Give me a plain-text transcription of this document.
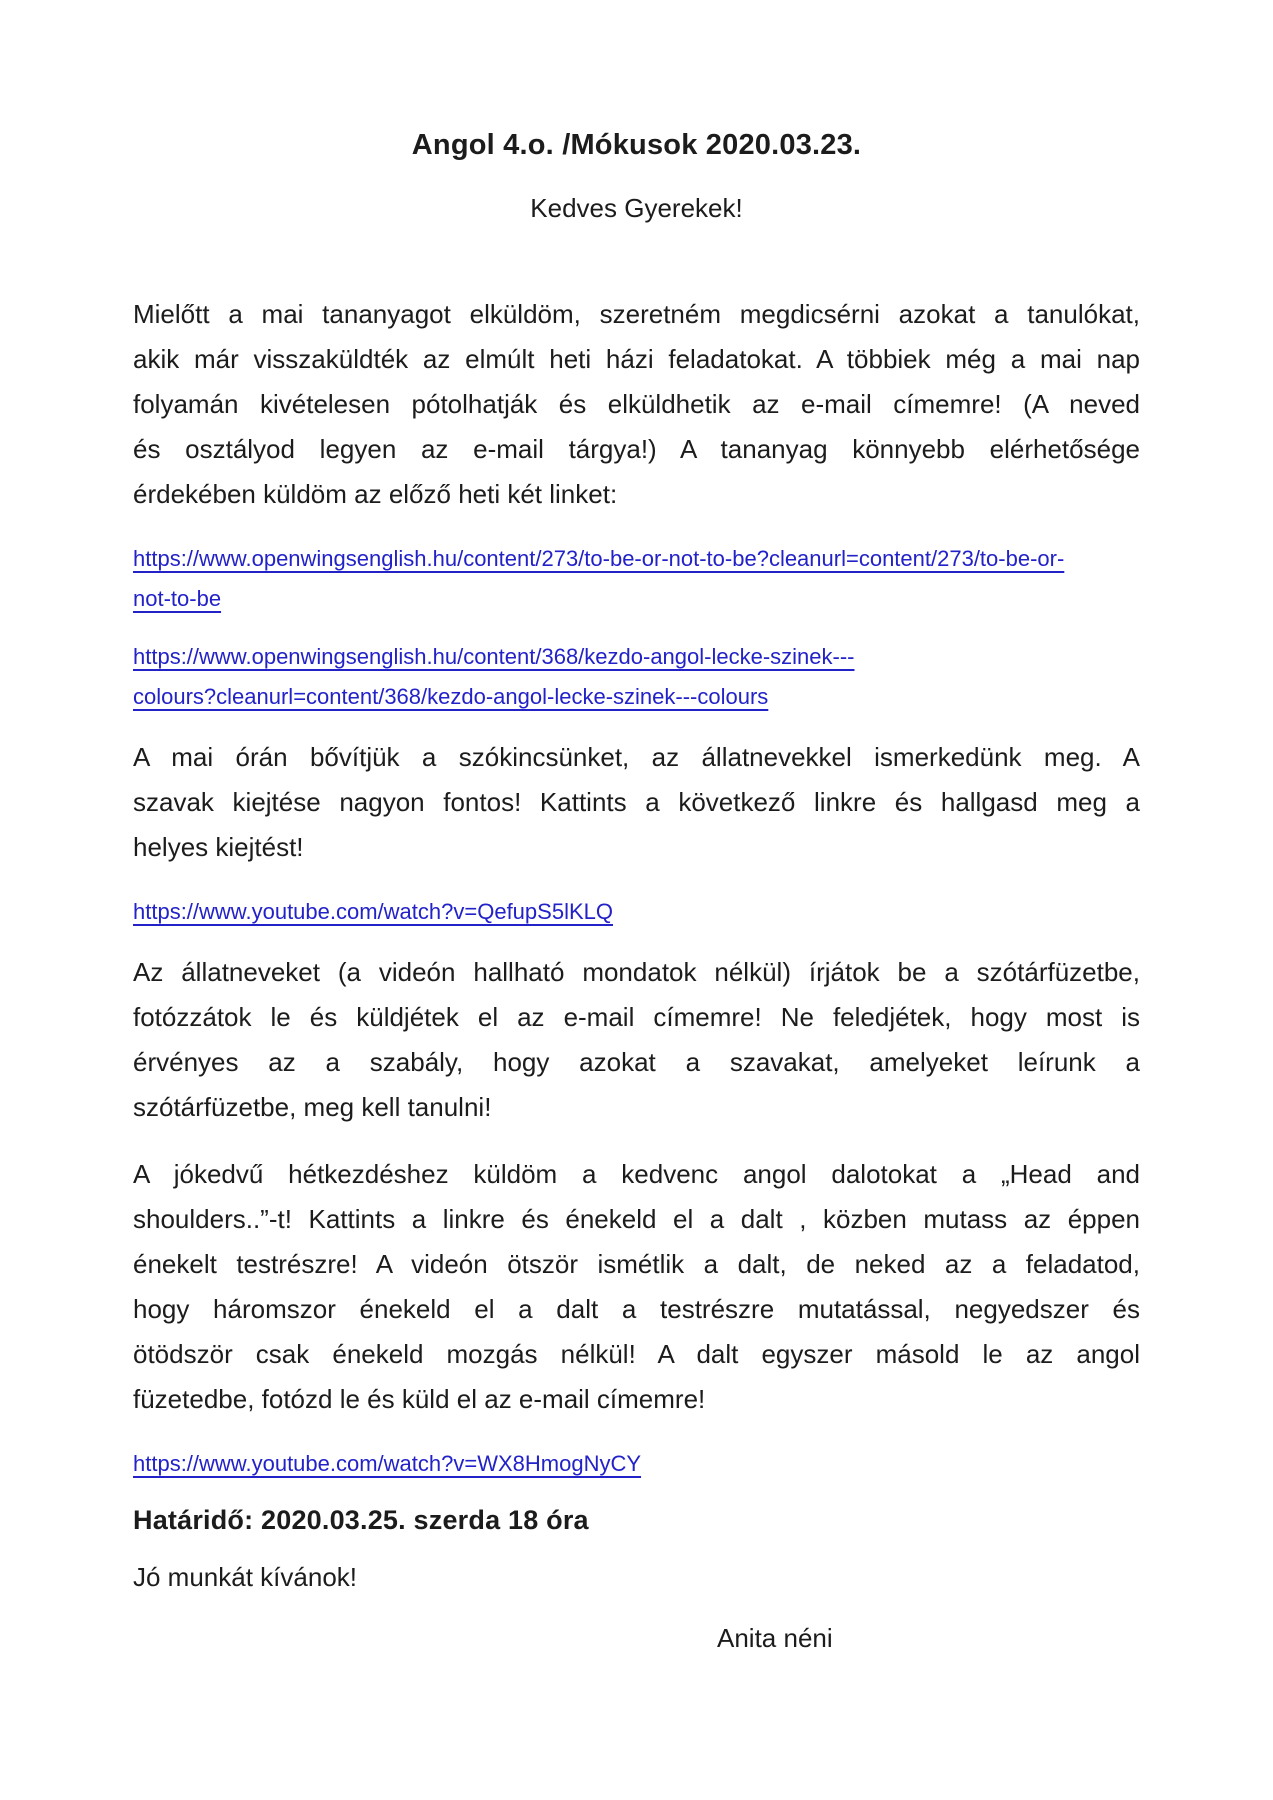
Angol 4.o. /Mókusok 2020.03.23.
Kedves Gyerekek!
Mielőtt a mai tananyagot elküldöm, szeretném megdicsérni azokat a tanulókat,
akik már visszaküldték az elmúlt heti házi feladatokat. A többiek még a mai nap
folyamán kivételesen pótolhatják és elküldhetik az e-mail címemre! (A neved
és osztályod legyen az e-mail tárgya!) A tananyag könnyebb elérhetősége
érdekében küldöm az előző heti két linket:
https://www.openwingsenglish.hu/content/273/to-be-or-not-to-be?cleanurl=content/273/to-be-or-
not-to-be
https://www.openwingsenglish.hu/content/368/kezdo-angol-lecke-szinek---
colours?cleanurl=content/368/kezdo-angol-lecke-szinek---colours
A mai órán bővítjük a szókincsünket, az állatnevekkel ismerkedünk meg. A
szavak kiejtése nagyon fontos! Kattints a következő linkre és hallgasd meg a
helyes kiejtést!
https://www.youtube.com/watch?v=QefupS5lKLQ
Az állatneveket (a videón hallható mondatok nélkül) írjátok be a szótárfüzetbe,
fotózzátok le és küldjétek el az e-mail címemre! Ne feledjétek, hogy most is
érvényes az a szabály, hogy azokat a szavakat, amelyeket leírunk a
szótárfüzetbe, meg kell tanulni!
A jókedvű hétkezdéshez küldöm a kedvenc angol dalotokat a „Head and
shoulders..”-t! Kattints a linkre és énekeld el a dalt , közben mutass az éppen
énekelt testrészre! A videón ötször ismétlik a dalt, de neked az a feladatod,
hogy háromszor énekeld el a dalt a testrészre mutatással, negyedszer és
ötödször csak énekeld mozgás nélkül! A dalt egyszer másold le az angol
füzetedbe, fotózd le és küld el az e-mail címemre!
https://www.youtube.com/watch?v=WX8HmogNyCY
Határidő: 2020.03.25. szerda 18 óra
Jó munkát kívánok!
Anita néni
